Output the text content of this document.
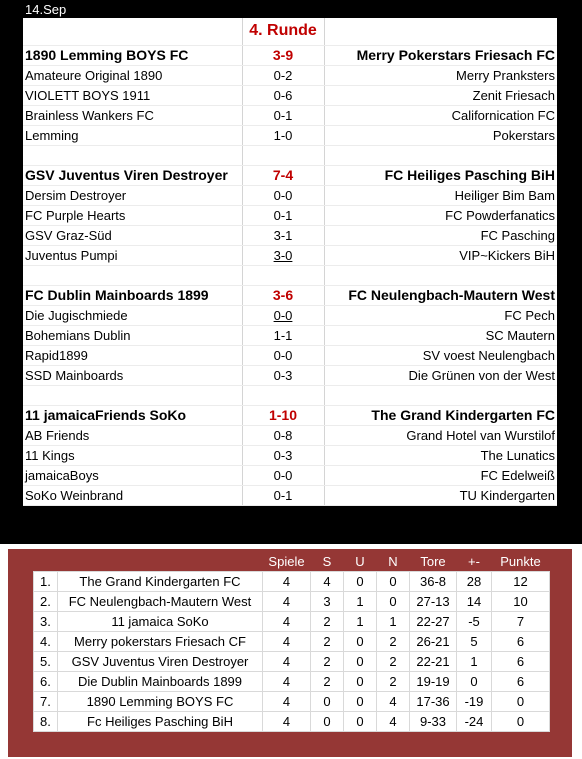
14.Sep
	4. Runde	
1890 Lemming BOYS FC	3-9	Merry Pokerstars Friesach FC
Amateure Original 1890	0-2	Merry Pranksters
VIOLETT BOYS 1911	0-6	Zenit Friesach
Brainless Wankers FC	0-1	Californication FC
Lemming	1-0	Pokerstars

GSV Juventus Viren Destroyer	7-4	FC Heiliges Pasching BiH
Dersim Destroyer	0-0	Heiliger Bim Bam
FC Purple Hearts	0-1	FC Powderfanatics
GSV Graz-Süd	3-1	FC Pasching
Juventus Pumpi	3-0	VIP~Kickers BiH

FC Dublin Mainboards 1899	3-6	FC Neulengbach-Mautern West
Die Jugischmiede	0-0	FC Pech
Bohemians Dublin	1-1	SC Mautern
Rapid1899	0-0	SV voest Neulengbach
SSD Mainboards	0-3	Die Grünen von der West

11 jamaicaFriends SoKo	1-10	The Grand Kindergarten FC
AB Friends	0-8	Grand Hotel van Wurstilof
11 Kings	0-3	The Lunatics
jamaicaBoys	0-0	FC Edelweiß
SoKo Weinbrand	0-1	TU Kindergarten
		Spiele	S	U	N	Tore	+-	Punkte
1.	The Grand Kindergarten FC	4	4	0	0	36-8	28	12
2.	FC Neulengbach-Mautern West	4	3	1	0	27-13	14	10
3.	11 jamaica SoKo	4	2	1	1	22-27	-5	7
4.	Merry pokerstars Friesach CF	4	2	0	2	26-21	5	6
5.	GSV Juventus Viren Destroyer	4	2	0	2	22-21	1	6
6.	Die Dublin Mainboards 1899	4	2	0	2	19-19	0	6
7.	1890 Lemming BOYS FC	4	0	0	4	17-36	-19	0
8.	Fc Heiliges Pasching BiH	4	0	0	4	9-33	-24	0
